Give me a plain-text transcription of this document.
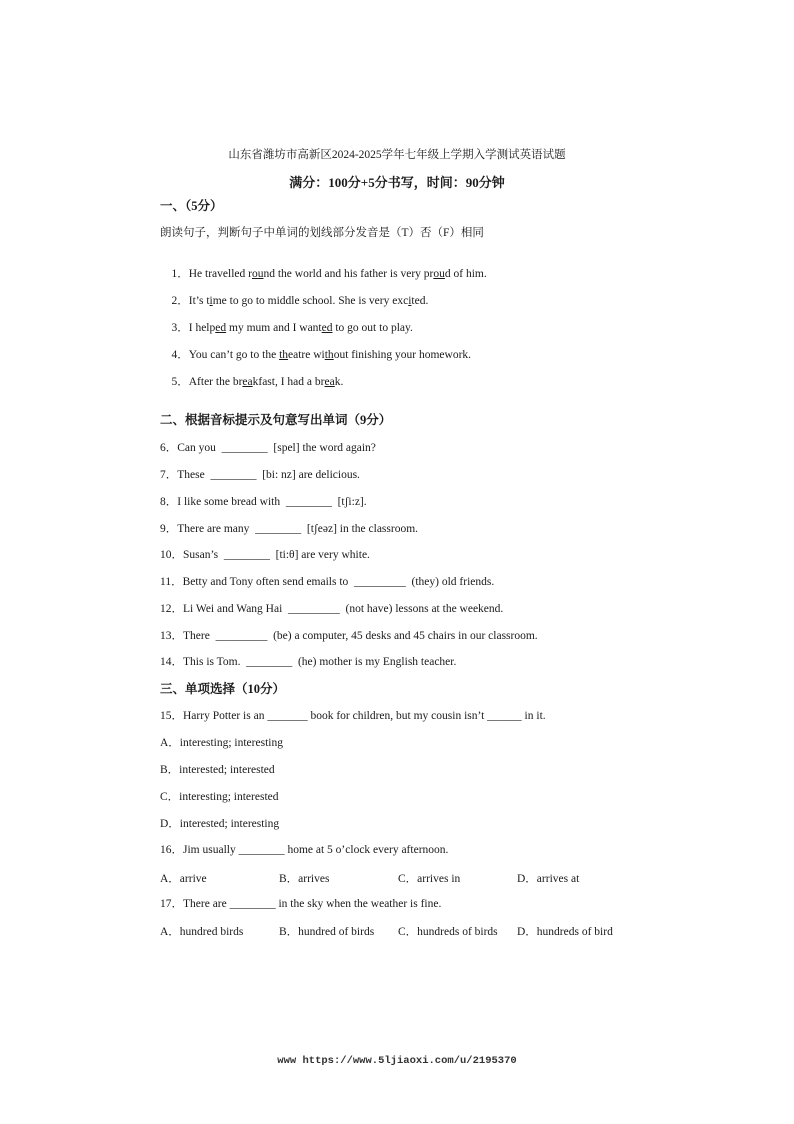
山东省潍坊市高新区2024-2025学年七年级上学期入学测试英语试题
满分：100分+5分书写，时间：90分钟
一、（5分）
朗读句子，判断句子中单词的划线部分发音是（T）否（F）相同

1．He travelled round the world and his father is very proud of him.

2．It’s time to go to middle school. She is very excited.

3．I helped my mum and I wanted to go out to play.

4．You can’t go to the theatre without finishing your homework.

5．After the breakfast, I had a break.

二、根据音标提示及句意写出单词（9分）
6．Can you  ________  [spel] the word again?
7．These  ________  [bi: nz] are delicious.
8．I like some bread with  ________  [tʃi:z].
9．There are many  ________  [tʃeəz] in the classroom.
10．Susan’s  ________  [ti:θ] are very white.
11．Betty and Tony often send emails to  _________  (they) old friends.
12．Li Wei and Wang Hai  _________  (not have) lessons at the weekend.
13．There  _________  (be) a computer, 45 desks and 45 chairs in our classroom.
14．This is Tom.  ________  (he) mother is my English teacher.
三、单项选择（10分）
15．Harry Potter is an _______ book for children, but my cousin isn’t ______ in it.
A．interesting; interesting
B．interested; interested
C．interesting; interested
D．interested; interesting
16．Jim usually ________ home at 5 o’clock every afternoon.
A．arrive	B．arrives	C．arrives in	D．arrives at
17．There are ________ in the sky when the weather is fine.
A．hundred birds	B．hundred of birds C．hundreds of birds D．hundreds of bird
www https://www.5ljiaoxi.com/u/2195370
